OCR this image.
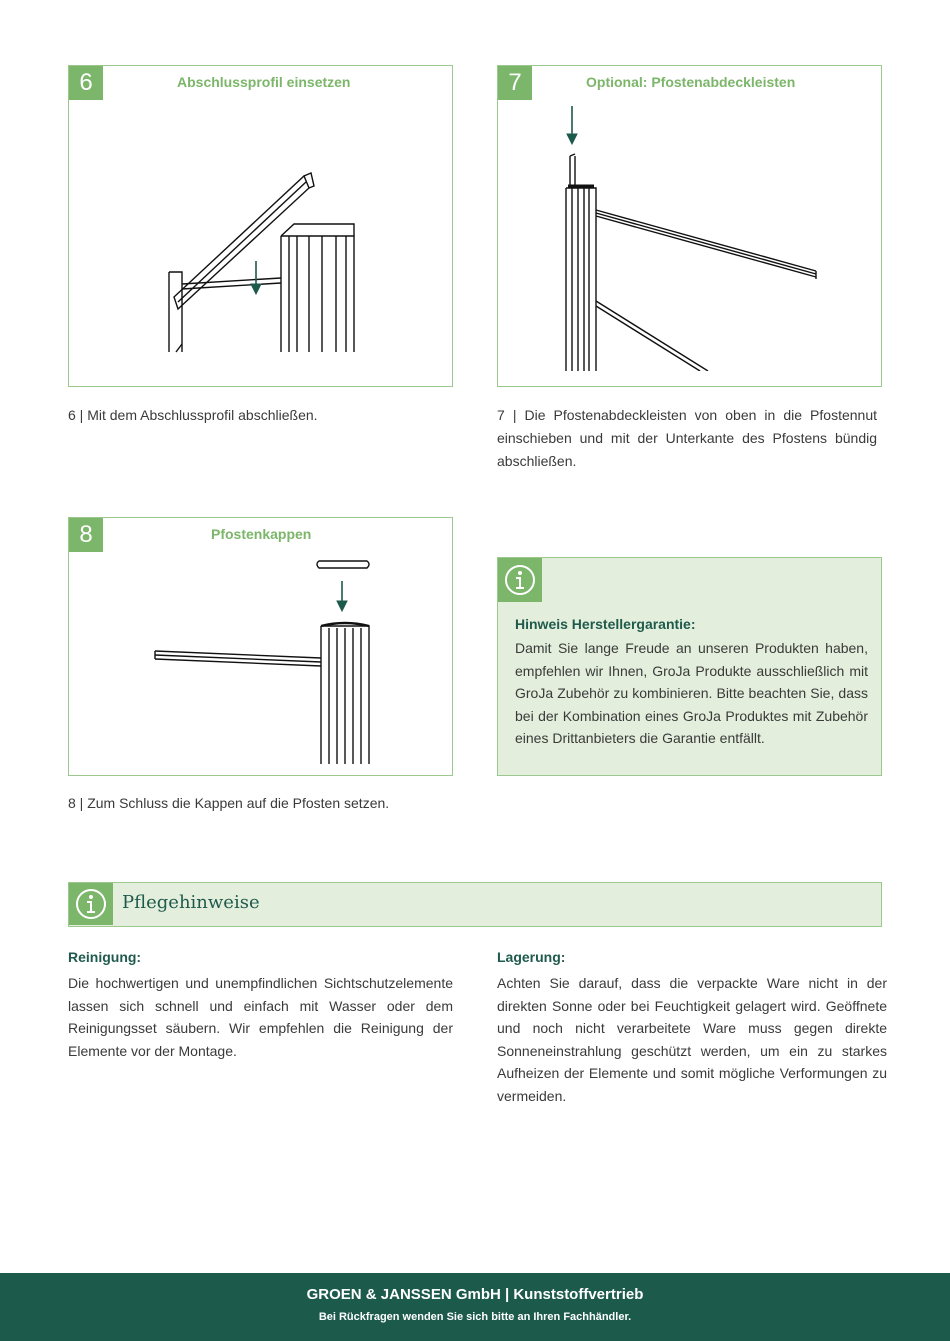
6	Abschlussprofil einsetzen
6 | Mit dem Abschlussprofil abschließen.
7	Optional: Pfostenabdeckleisten
7 | Die Pfostenabdeckleisten von oben in die Pfostennut einschieben und mit der Unterkante des Pfostens bündig abschließen.
8	Pfostenkappen
8 | Zum Schluss die Kappen auf die Pfosten setzen.
Hinweis Herstellergarantie:
Damit Sie lange Freude an unseren Produkten haben, empfehlen wir Ihnen, GroJa Produkte ausschließlich mit GroJa Zubehör zu kombinieren. Bitte beachten Sie, dass bei der Kombination eines GroJa Produktes mit Zubehör eines Drittanbieters die Garantie entfällt.
Pflegehinweise
Reinigung:
Die hochwertigen und unempfindlichen Sichtschutzelemente lassen sich schnell und einfach mit Wasser oder dem Reinigungsset säubern. Wir empfehlen die Reinigung der Elemente vor der Montage.
Lagerung:
Achten Sie darauf, dass die verpackte Ware nicht in der direkten Sonne oder bei Feuchtigkeit gelagert wird. Geöffnete und noch nicht verarbeitete Ware muss gegen direkte Sonneneinstrahlung geschützt werden, um ein zu starkes Aufheizen der Elemente und somit mögliche Verformungen zu vermeiden.
GROEN & JANSSEN GmbH | Kunststoffvertrieb
Bei Rückfragen wenden Sie sich bitte an Ihren Fachhändler.
